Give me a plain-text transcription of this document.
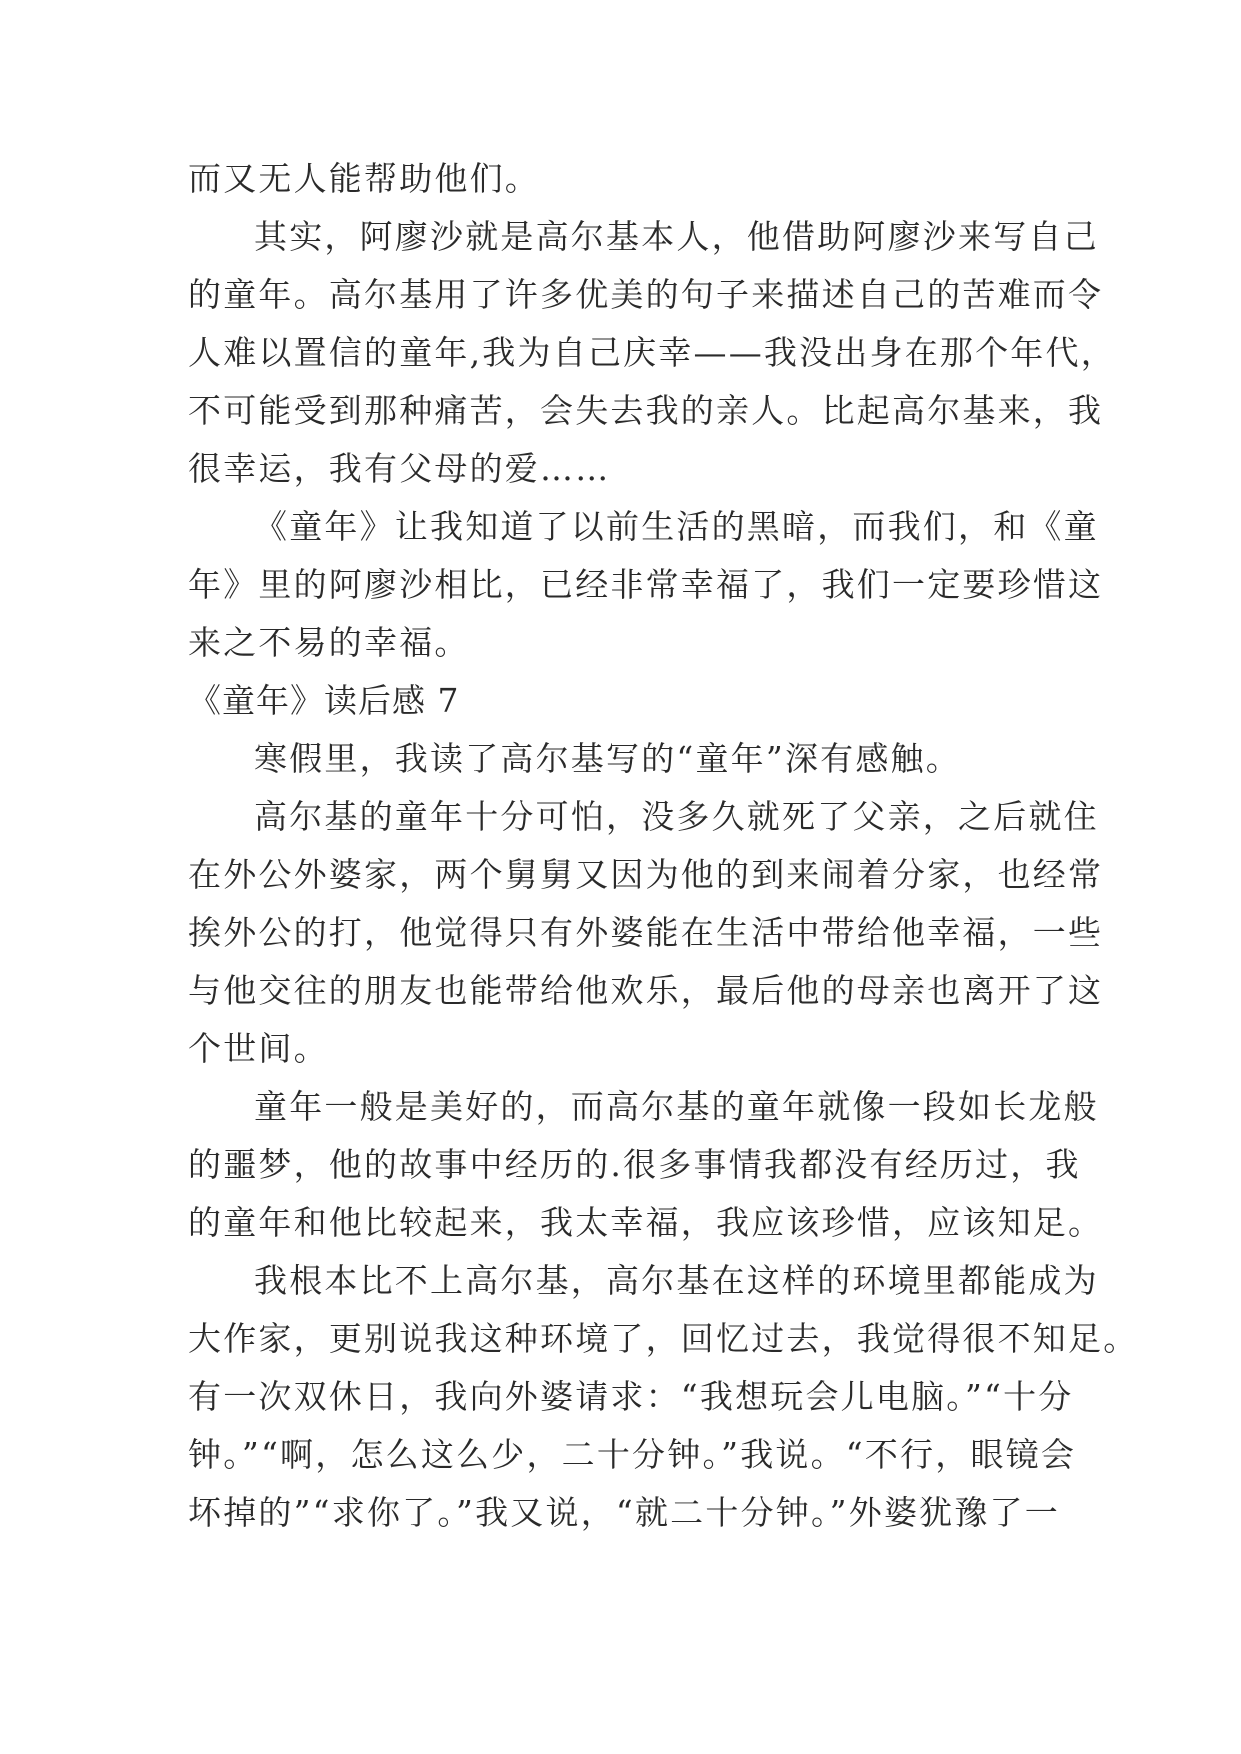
而又无人能帮助他们。
其实，阿廖沙就是高尔基本人，他借助阿廖沙来写自己
的童年。高尔基用了许多优美的句子来描述自己的苦难而令
人难以置信的童年,我为自己庆幸——我没出身在那个年代，
不可能受到那种痛苦，会失去我的亲人。比起高尔基来，我
很幸运，我有父母的爱……
《童年》让我知道了以前生活的黑暗，而我们，和《童
年》里的阿廖沙相比，已经非常幸福了，我们一定要珍惜这
来之不易的幸福。
《童年》读后感 7
寒假里，我读了高尔基写的“童年”深有感触。
高尔基的童年十分可怕，没多久就死了父亲，之后就住
在外公外婆家，两个舅舅又因为他的到来闹着分家，也经常
挨外公的打，他觉得只有外婆能在生活中带给他幸福，一些
与他交往的朋友也能带给他欢乐，最后他的母亲也离开了这
个世间。
童年一般是美好的，而高尔基的童年就像一段如长龙般
的噩梦，他的故事中经历的.很多事情我都没有经历过，我
的童年和他比较起来，我太幸福，我应该珍惜，应该知足。
我根本比不上高尔基，高尔基在这样的环境里都能成为
大作家，更别说我这种环境了，回忆过去，我觉得很不知足。
有一次双休日，我向外婆请求：“我想玩会儿电脑。”“十分
钟。”“啊，怎么这么少，二十分钟。”我说。“不行，眼镜会
坏掉的”“求你了。”我又说，“就二十分钟。”外婆犹豫了一
